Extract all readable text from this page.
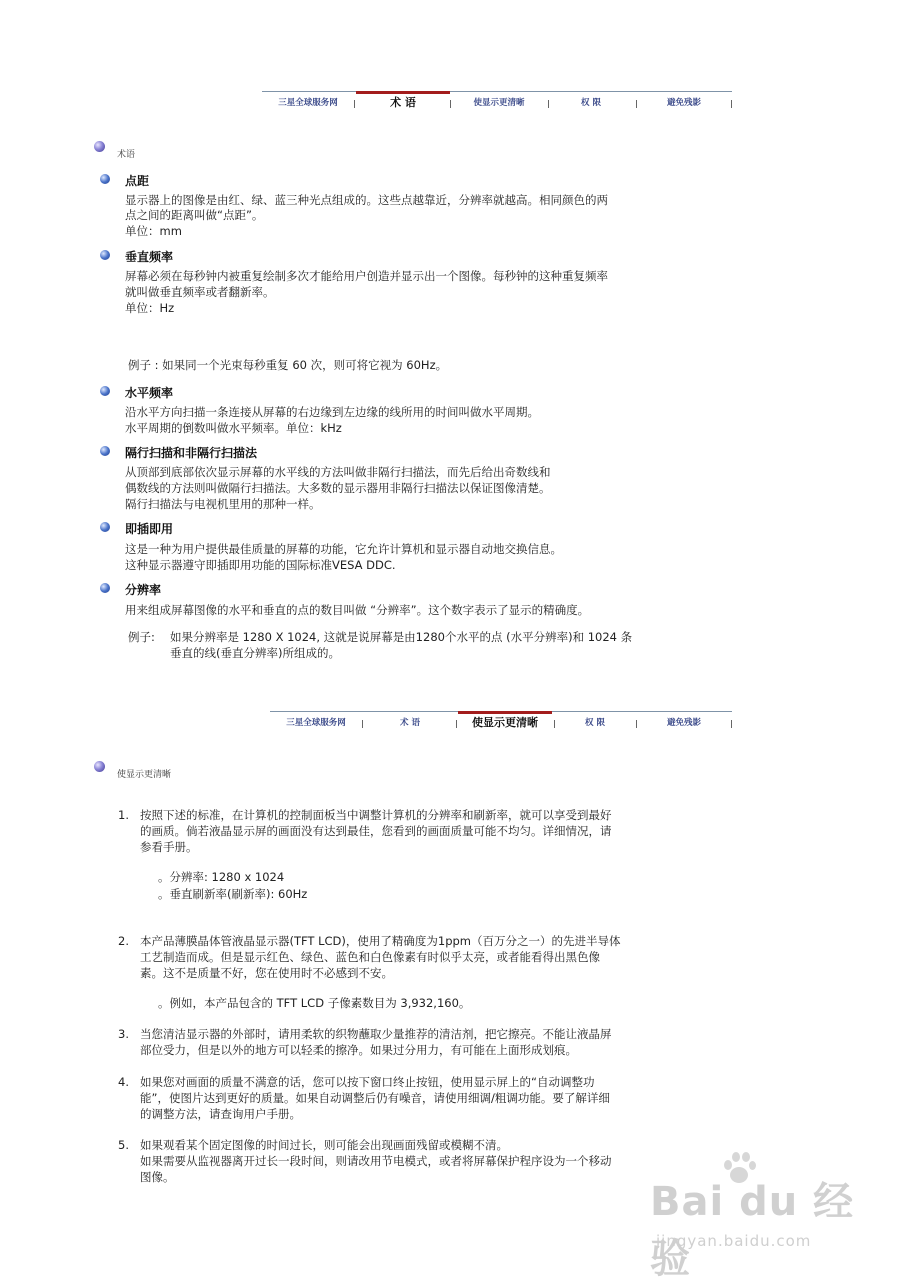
三星全球服务网	术 语	使显示更清晰	权 限	避免残影
术语
点距
显示器上的图像是由红、绿、蓝三种光点组成的。这些点越靠近，分辨率就越高。相同颜色的两
点之间的距离叫做“点距”。
单位：mm
垂直频率
屏幕必须在每秒钟内被重复绘制多次才能给用户创造并显示出一个图像。每秒钟的这种重复频率
就叫做垂直频率或者翻新率。
单位：Hz
例子 : 如果同一个光束每秒重复 60 次，则可将它视为 60Hz。
水平频率
沿水平方向扫描一条连接从屏幕的右边缘到左边缘的线所用的时间叫做水平周期。
水平周期的倒数叫做水平频率。单位：kHz
隔行扫描和非隔行扫描法
从顶部到底部依次显示屏幕的水平线的方法叫做非隔行扫描法，而先后给出奇数线和
偶数线的方法则叫做隔行扫描法。大多数的显示器用非隔行扫描法以保证图像清楚。
隔行扫描法与电视机里用的那种一样。
即插即用
这是一种为用户提供最佳质量的屏幕的功能，它允许计算机和显示器自动地交换信息。
这种显示器遵守即插即用功能的国际标准VESA DDC.
分辨率
用来组成屏幕图像的水平和垂直的点的数目叫做 “分辨率”。这个数字表示了显示的精确度。
例子: 如果分辨率是 1280 X 1024, 这就是说屏幕是由1280个水平的点 (水平分辨率)和 1024 条
垂直的线(垂直分辨率)所组成的。
三星全球服务网	术 语	使显示更清晰	权 限	避免残影
使显示更清晰
1. 按照下述的标准，在计算机的控制面板当中调整计算机的分辨率和刷新率，就可以享受到最好
的画质。倘若液晶显示屏的画面没有达到最佳，您看到的画面质量可能不均匀。详细情况，请
参看手册。
。分辨率: 1280 x 1024
。垂直刷新率(刷新率): 60Hz
2. 本产品薄膜晶体管液晶显示器(TFT LCD)，使用了精确度为1ppm（百万分之一）的先进半导体
工艺制造而成。但是显示红色、绿色、蓝色和白色像素有时似乎太亮，或者能看得出黑色像
素。这不是质量不好，您在使用时不必感到不安。
。例如，本产品包含的 TFT LCD 子像素数目为 3,932,160。
3. 当您清洁显示器的外部时，请用柔软的织物蘸取少量推荐的清洁剂，把它擦亮。不能让液晶屏
部位受力，但是以外的地方可以轻柔的擦净。如果过分用力，有可能在上面形成划痕。
4. 如果您对画面的质量不满意的话，您可以按下窗口终止按钮，使用显示屏上的“自动调整功
能”，使图片达到更好的质量。如果自动调整后仍有噪音，请使用细调/粗调功能。要了解详细
的调整方法，请查询用户手册。
5. 如果观看某个固定图像的时间过长，则可能会出现画面残留或模糊不清。
如果需要从监视器离开过长一段时间，则请改用节电模式，或者将屏幕保护程序设为一个移动
图像。
Bai du 经验
jingyan.baidu.com
